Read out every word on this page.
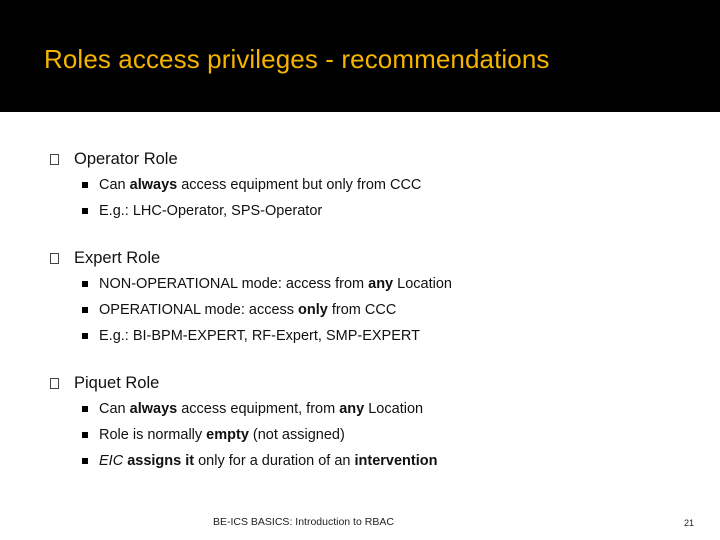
Roles access privileges - recommendations
Operator Role
Can always access equipment but only from CCC
E.g.: LHC-Operator, SPS-Operator
Expert Role
NON-OPERATIONAL mode: access from any Location
OPERATIONAL mode: access only from CCC
E.g.: BI-BPM-EXPERT, RF-Expert, SMP-EXPERT
Piquet Role
Can always access equipment, from any Location
Role is normally empty (not assigned)
EIC assigns it only for a duration of an intervention
BE-ICS BASICS: Introduction to RBAC	21
